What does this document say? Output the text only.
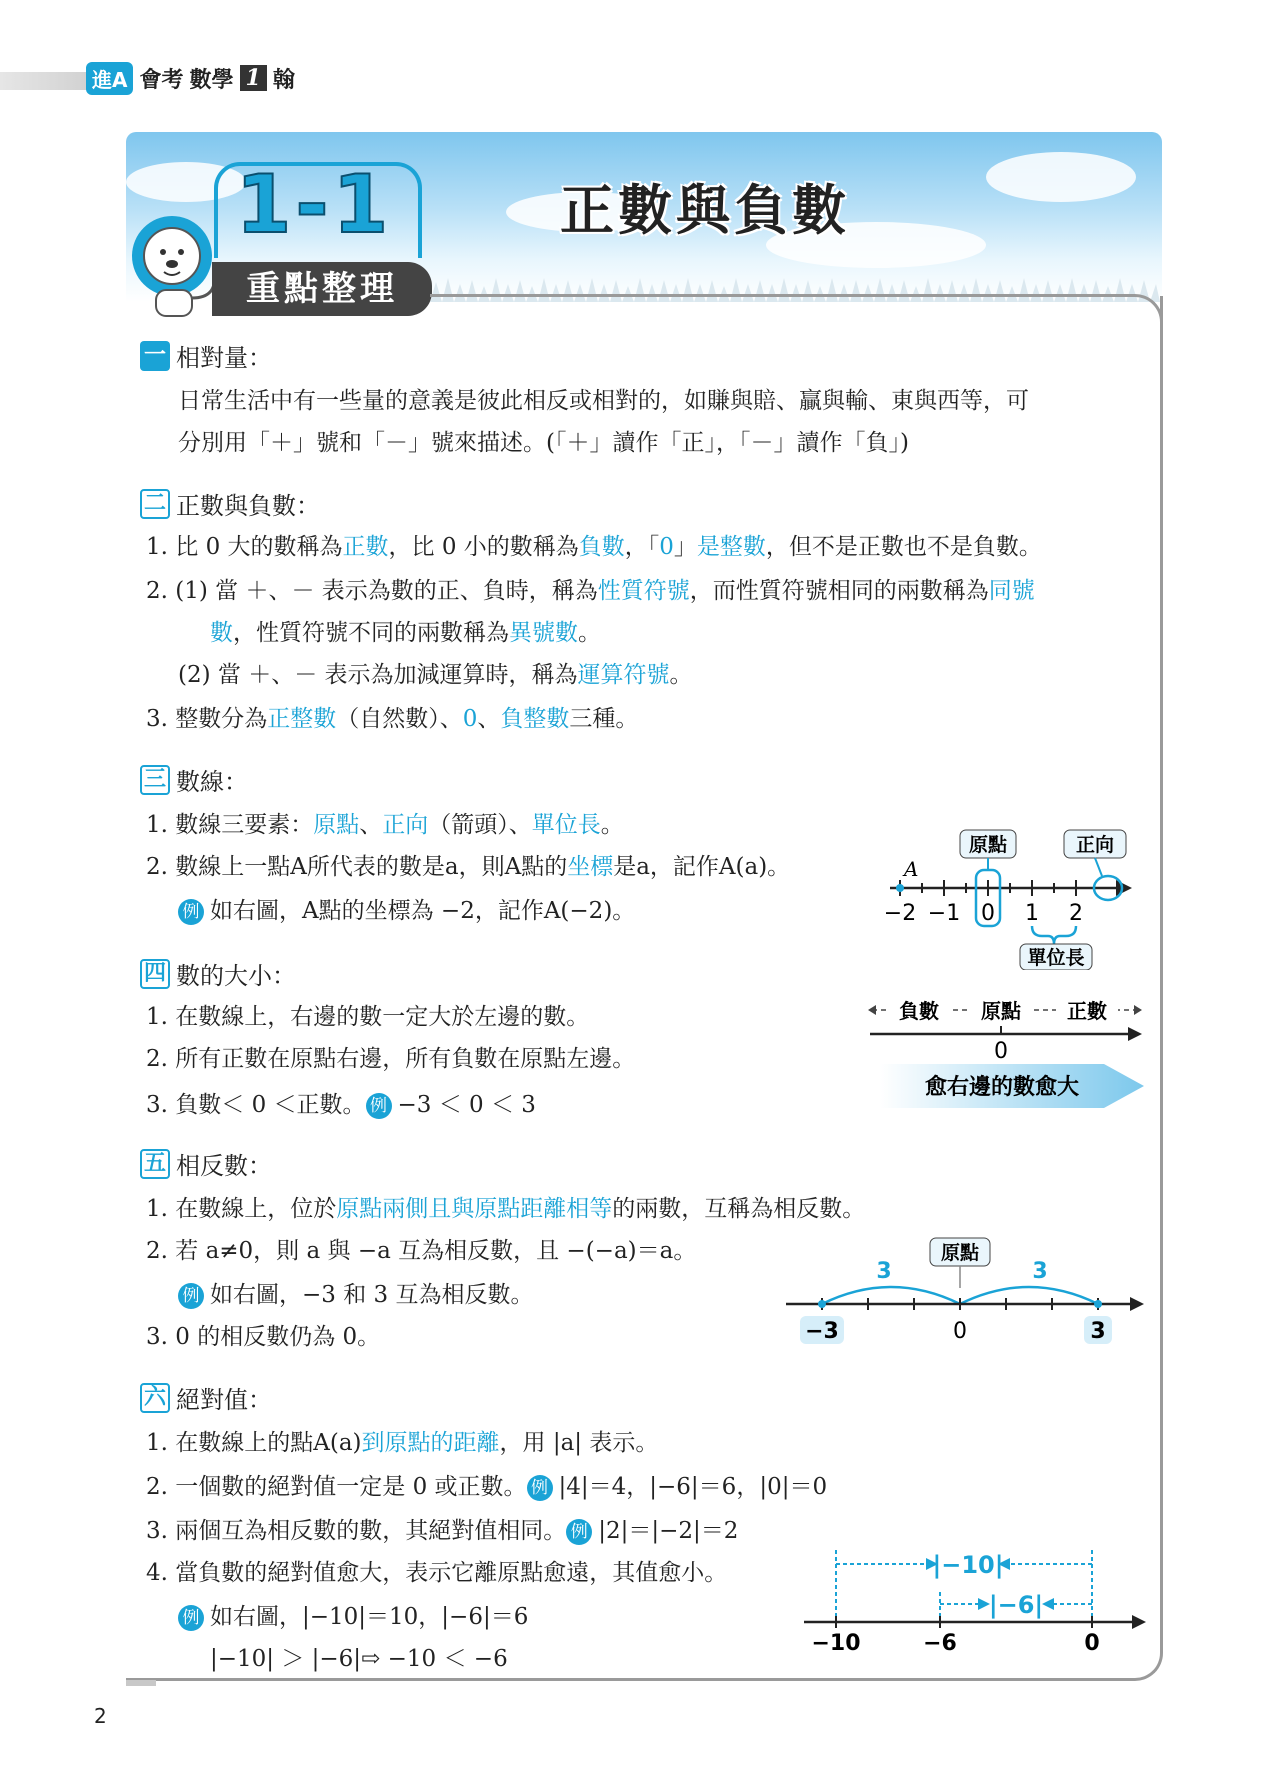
進A 會考 數學 1 翰
1-1	正數與負數
重點整理
一 相對量：
日常生活中有一些量的意義是彼此相反或相對的，如賺與賠、贏與輸、東與西等，可
分別用「＋」號和「－」號來描述。(「＋」讀作「正」，「－」讀作「負」)
二 正數與負數：
1. 比 0 大的數稱為正數，比 0 小的數稱為負數，「0」是整數，但不是正數也不是負數。
2. (1) 當 ＋、－ 表示為數的正、負時，稱為性質符號，而性質符號相同的兩數稱為同號
數，性質符號不同的兩數稱為異號數。
(2) 當 ＋、－ 表示為加減運算時，稱為運算符號。
3. 整數分為正整數（自然數）、0、負整數三種。
三 數線：
1. 數線三要素：原點、正向（箭頭）、單位長。
2. 數線上一點A所代表的數是a，則A點的坐標是a，記作A(a)。
例 如右圖，A點的坐標為 −2，記作A(−2)。
原點	正向
A
−2 −1 0 1 2
單位長
四 數的大小：
1. 在數線上，右邊的數一定大於左邊的數。
2. 所有正數在原點右邊，所有負數在原點左邊。
3. 負數＜ 0 ＜正數。 例 −3 ＜ 0 ＜ 3
負數 原點 正數
0
愈右邊的數愈大
五 相反數：
1. 在數線上，位於原點兩側且與原點距離相等的兩數，互稱為相反數。
2. 若 a≠0，則 a 與 −a 互為相反數，且 −(−a)＝a。
例 如右圖，−3 和 3 互為相反數。
3. 0 的相反數仍為 0。
原點
3	3
−3	0	3
六 絕對值：
1. 在數線上的點A(a)到原點的距離，用 |a| 表示。
2. 一個數的絕對值一定是 0 或正數。 例 |4|＝4，|−6|＝6，|0|＝0
3. 兩個互為相反數的數，其絕對值相同。 例 |2|＝|−2|＝2
4. 當負數的絕對值愈大，表示它離原點愈遠，其值愈小。
例 如右圖，|−10|＝10，|−6|＝6
|−10| ＞ |−6|⇨ −10 ＜ −6
|−10|
|−6|
−10	−6	0
2
